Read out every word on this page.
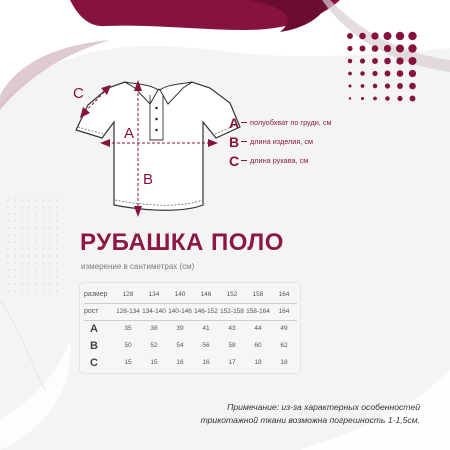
A
B
C
A полуобхват по груди, см
B длина изделия, см
C длина рукава, см
РУБАШКА ПОЛО
измерение в сантиметрах (см)
размер	128	134	140	146	152	158	164
рост	128-134	134-140	140-146	146-152	152-158	158-164	164
A	35	38	39	41	43	44	49
B	50	52	54	56	58	60	62
C	15	15	16	16	17	18	18
Примечание: из-за характерных особенностей
трикотажной ткани возможна погрешность 1-1,5см.
